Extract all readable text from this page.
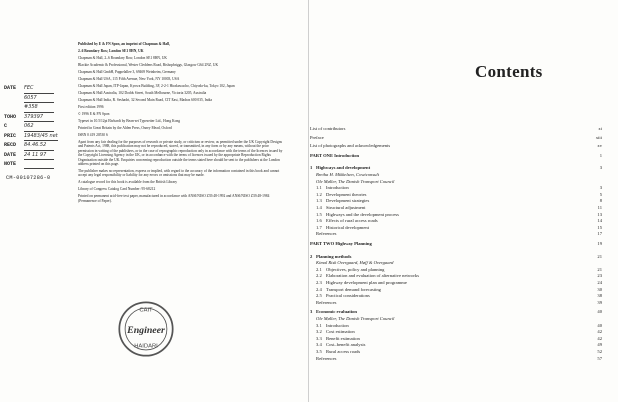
Published by E & FN Spon, an imprint of Chapman & Hall,

2–6 Boundary Row, London SE1 8HN, UK

Chapman & Hall, 2–6 Boundary Row, London SE1 8HN, UK

Blackie Academic & Professional, Wester Cleddens Road, Bishopbriggs, Glasgow G64 2NZ, UK

Chapman & Hall GmbH, Pappelallee 3, 69469 Weinheim, Germany

Chapman & Hall USA, 115 Fifth Avenue, New York, NY 10003, USA

Chapman & Hall Japan, ITP-Japan, Kyowa Building, 3F, 2-2-1 Hirakawacho, Chiyoda-ku, Tokyo 102, Japan

Chapman & Hall Australia, 102 Dodds Street, South Melbourne, Victoria 3205, Australia

Chapman & Hall India, R. Seshadri, 32 Second Main Road, CIT East, Madras 600 035, India

First edition 1996

© 1996 E & FN Spon

Typeset in 10.5/12pt Ehrhardt by Bean-set Typesetter Ltd., Hong Kong

Printed in Great Britain by the Alden Press, Osney Mead, Oxford

ISBN 0 419 20530 6

Apart from any fair dealing for the purposes of research or private study, or criticism or review, as permitted under the UK Copyright Designs and Patents Act, 1988, this publication may not be reproduced, stored, or transmitted, in any form or by any means, without the prior permission in writing of the publishers, or in the case of reprographic reproduction only in accordance with the terms of the licences issued by the Copyright Licensing Agency in the UK, or in accordance with the terms of licences issued by the appropriate Reproduction Rights Organization outside the UK. Enquiries concerning reproduction outside the terms stated here should be sent to the publishers at the London address printed on this page.

The publisher makes no representation, express or implied, with regard to the accuracy of the information contained in this book and cannot accept any legal responsibility or liability for any errors or omissions that may be made.

A catalogue record for this book is available from the British Library

Library of Congress Catalog Card Number: 95-68212

Printed on permanent acid-free text paper, manufactured in accordance with ANSI/NISO Z39.48-1992 and ANSI/NISO Z39.48-1984 (Permanence of Paper).

DATE	FEC
6057
#358
TOHO	379397
C	062
PRIC	19483/45 net
RECD	84.46.52
DATE	24 11 97
NOTE
CM-00107286-0
CAIT
Engineer
HAIDARI
Contents
List of contributors	xi
Preface	xiii
List of photographs and acknowledgements	xv
PART ONE Introduction	1
1 Highways and development	3
Bretha H. Mikkelsen, Cowiconsult
Ole Møller, The Danish Transport Council
1.1 Introduction	3
1.2 Development theories	5
1.3 Development strategies	8
1.4 Structural adjustment	11
1.5 Highways and the development process	13
1.6 Effects of rural access roads	14
1.7 Historical development	15
References	17
PART TWO Highway Planning	19
2 Planning methods	21
Kimal Risk Overgaard, Høff & Overgaard
2.1 Objectives, policy and planning	21
2.2 Elaboration and evaluation of alternative networks	23
2.3 Highway development plan and programme	24
2.4 Transport demand forecasting	30
2.5 Practical considerations	38
References	39
3 Economic evaluation	40
Ole Møller, The Danish Transport Council
3.1 Introduction	40
3.2 Cost estimation	42
3.3 Benefit estimation	42
3.4 Cost–benefit analysis	49
3.5 Rural access roads	52
References	57
